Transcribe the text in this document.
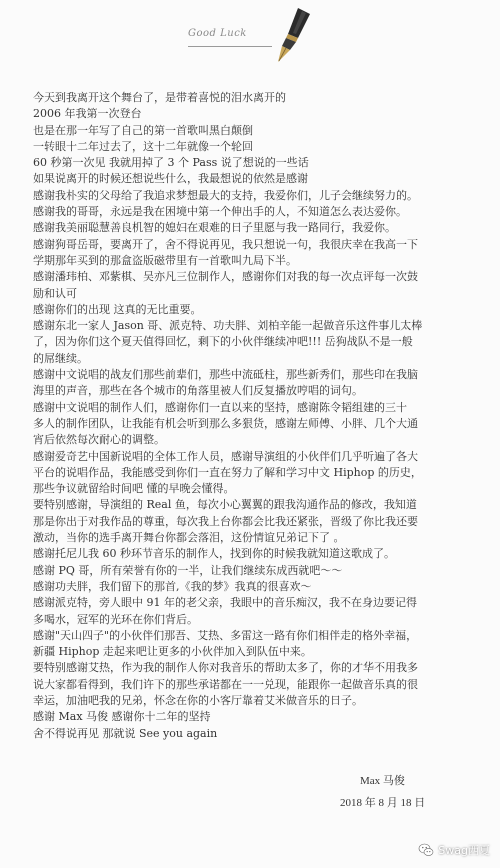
Good Luck
今天到我离开这个舞台了，是带着喜悦的泪水离开的
2006 年我第一次登台
也是在那一年写了自己的第一首歌叫黑白颠倒
一转眼十二年过去了，这十二年就像一个轮回
60 秒第一次见 我就用掉了 3 个 Pass 说了想说的一些话
如果说离开的时候还想说些什么，我最想说的依然是感谢
感谢我朴实的父母给了我追求梦想最大的支持，我爱你们，儿子会继续努力的。
感谢我的哥哥，永远是我在困境中第一个伸出手的人，不知道怎么表达爱你。
感谢我美丽聪慧善良机智的媳妇在艰难的日子里愿与我一路同行，我爱你。
感谢狗哥岳哥，要离开了，舍不得说再见，我只想说一句，我很庆幸在我高一下
学期那年买到的那盒盗版磁带里有一首歌叫九局下半。
感谢潘玮柏、邓紫棋、吴亦凡三位制作人，感谢你们对我的每一次点评每一次鼓
励和认可
感谢你们的出现 这真的无比重要。
感谢东北一家人 Jason 哥、派克特、功夫胖、刘柏辛能一起做音乐这件事儿太棒
了，因为你们这个夏天值得回忆，剩下的小伙伴继续冲吧!!! 岳狗战队不是一般
的屌继续。
感谢中文说唱的战友们那些前辈们，那些中流砥柱，那些新秀们，那些印在我脑
海里的声音，那些在各个城市的角落里被人们反复播放哼唱的词句。
感谢中文说唱的制作人们，感谢你们一直以来的坚持，感谢陈令韬组建的三十
多人的制作团队，让我能有机会听到那么多狠货，感谢左师傅、小胖、几个大通
宵后依然每次耐心的调整。
感谢爱奇艺中国新说唱的全体工作人员，感谢导演组的小伙伴们几乎听遍了各大
平台的说唱作品，我能感受到你们一直在努力了解和学习中文 Hiphop 的历史，
那些争议就留给时间吧 懂的早晚会懂得。
要特别感谢，导演组的 Real 鱼，每次小心翼翼的跟我沟通作品的修改，我知道
那是你出于对我作品的尊重，每次我上台你都会比我还紧张，晋级了你比我还要
激动，当你的选手离开舞台你都会落泪，这份情谊兄弟记下了 。
感谢托尼儿我 60 秒环节音乐的制作人，找到你的时候我就知道这歌成了。
感谢 PQ 哥，所有荣誉有你的一半，让我们继续东成西就吧～～
感谢功夫胖，我们留下的那首,《我的梦》我真的很喜欢～
感谢派克特，旁人眼中 91 年的老父亲，我眼中的音乐痴汉，我不在身边要记得
多喝水，冠军的光环在你们背后。
感谢"天山四子"的小伙伴们那吾、艾热、多雷这一路有你们相伴走的格外幸福，
新疆 Hiphop 走起来吧让更多的小伙伴加入到队伍中来。
要特别感谢艾热，作为我的制作人你对我音乐的帮助太多了，你的才华不用我多
说大家都看得到，我们许下的那些承诺都在一一兑现，能跟你一起做音乐真的很
幸运，加油吧我的兄弟，怀念在你的小客厅靠着艾米做音乐的日子。
感谢 Max 马俊 感谢你十二年的坚持
舍不得说再见 那就说 See you again
Max 马俊
2018 年 8 月 18 日
Swag西夏
